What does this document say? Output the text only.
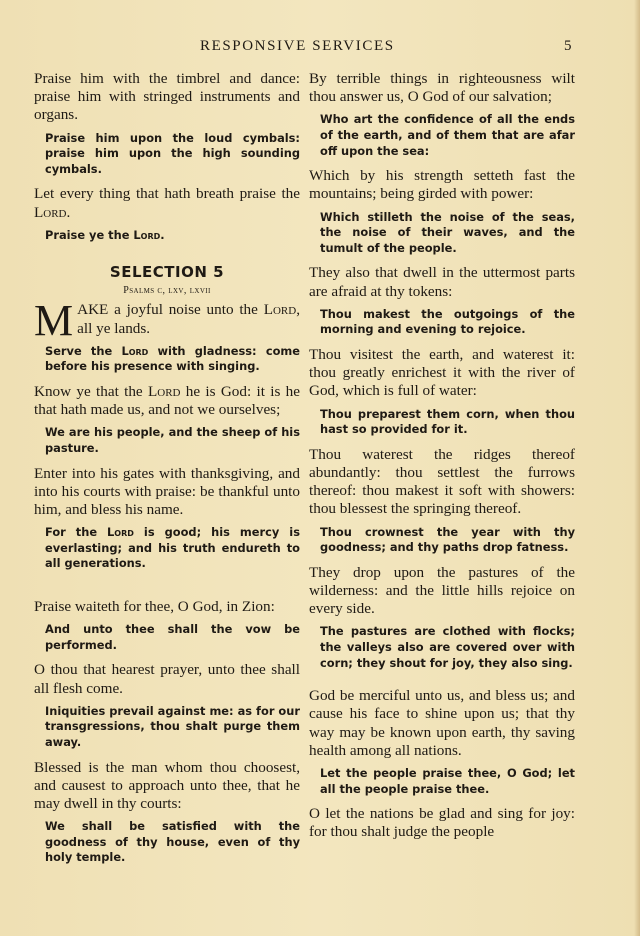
RESPONSIVE SERVICES	5

Praise him with the timbrel and dance: praise him with stringed instruments and organs.

Praise him upon the loud cymbals: praise him upon the high sounding cymbals.

Let every thing that hath breath praise the Lord.

Praise ye the Lord.

SELECTION 5
Psalms c, lxv, lxvii
M AKE a joyful noise unto the Lord, all ye lands.

Serve the Lord with gladness: come before his presence with singing.

Know ye that the Lord he is God: it is he that hath made us, and not we ourselves;

We are his people, and the sheep of his pasture.

Enter into his gates with thanksgiving, and into his courts with praise: be thankful unto him, and bless his name.

For the Lord is good; his mercy is everlasting; and his truth endureth to all generations.

Praise waiteth for thee, O God, in Zion:

And unto thee shall the vow be performed.

O thou that hearest prayer, unto thee shall all flesh come.

Iniquities prevail against me: as for our transgressions, thou shalt purge them away.

Blessed is the man whom thou choosest, and causest to approach unto thee, that he may dwell in thy courts:

We shall be satisfied with the goodness of thy house, even of thy holy temple.

By terrible things in righteousness wilt thou answer us, O God of our salvation;

Who art the confidence of all the ends of the earth, and of them that are afar off upon the sea:

Which by his strength setteth fast the mountains; being girded with power:

Which stilleth the noise of the seas, the noise of their waves, and the tumult of the people.

They also that dwell in the uttermost parts are afraid at thy tokens:

Thou makest the outgoings of the morning and evening to rejoice.

Thou visitest the earth, and waterest it: thou greatly enrichest it with the river of God, which is full of water:

Thou preparest them corn, when thou hast so provided for it.

Thou waterest the ridges thereof abundantly: thou settlest the furrows thereof: thou makest it soft with showers: thou blessest the springing thereof.

Thou crownest the year with thy goodness; and thy paths drop fatness.

They drop upon the pastures of the wilderness: and the little hills rejoice on every side.

The pastures are clothed with flocks; the valleys also are covered over with corn; they shout for joy, they also sing.

God be merciful unto us, and bless us; and cause his face to shine upon us; that thy way may be known upon earth, thy saving health among all nations.

Let the people praise thee, O God; let all the people praise thee.

O let the nations be glad and sing for joy: for thou shalt judge the people
